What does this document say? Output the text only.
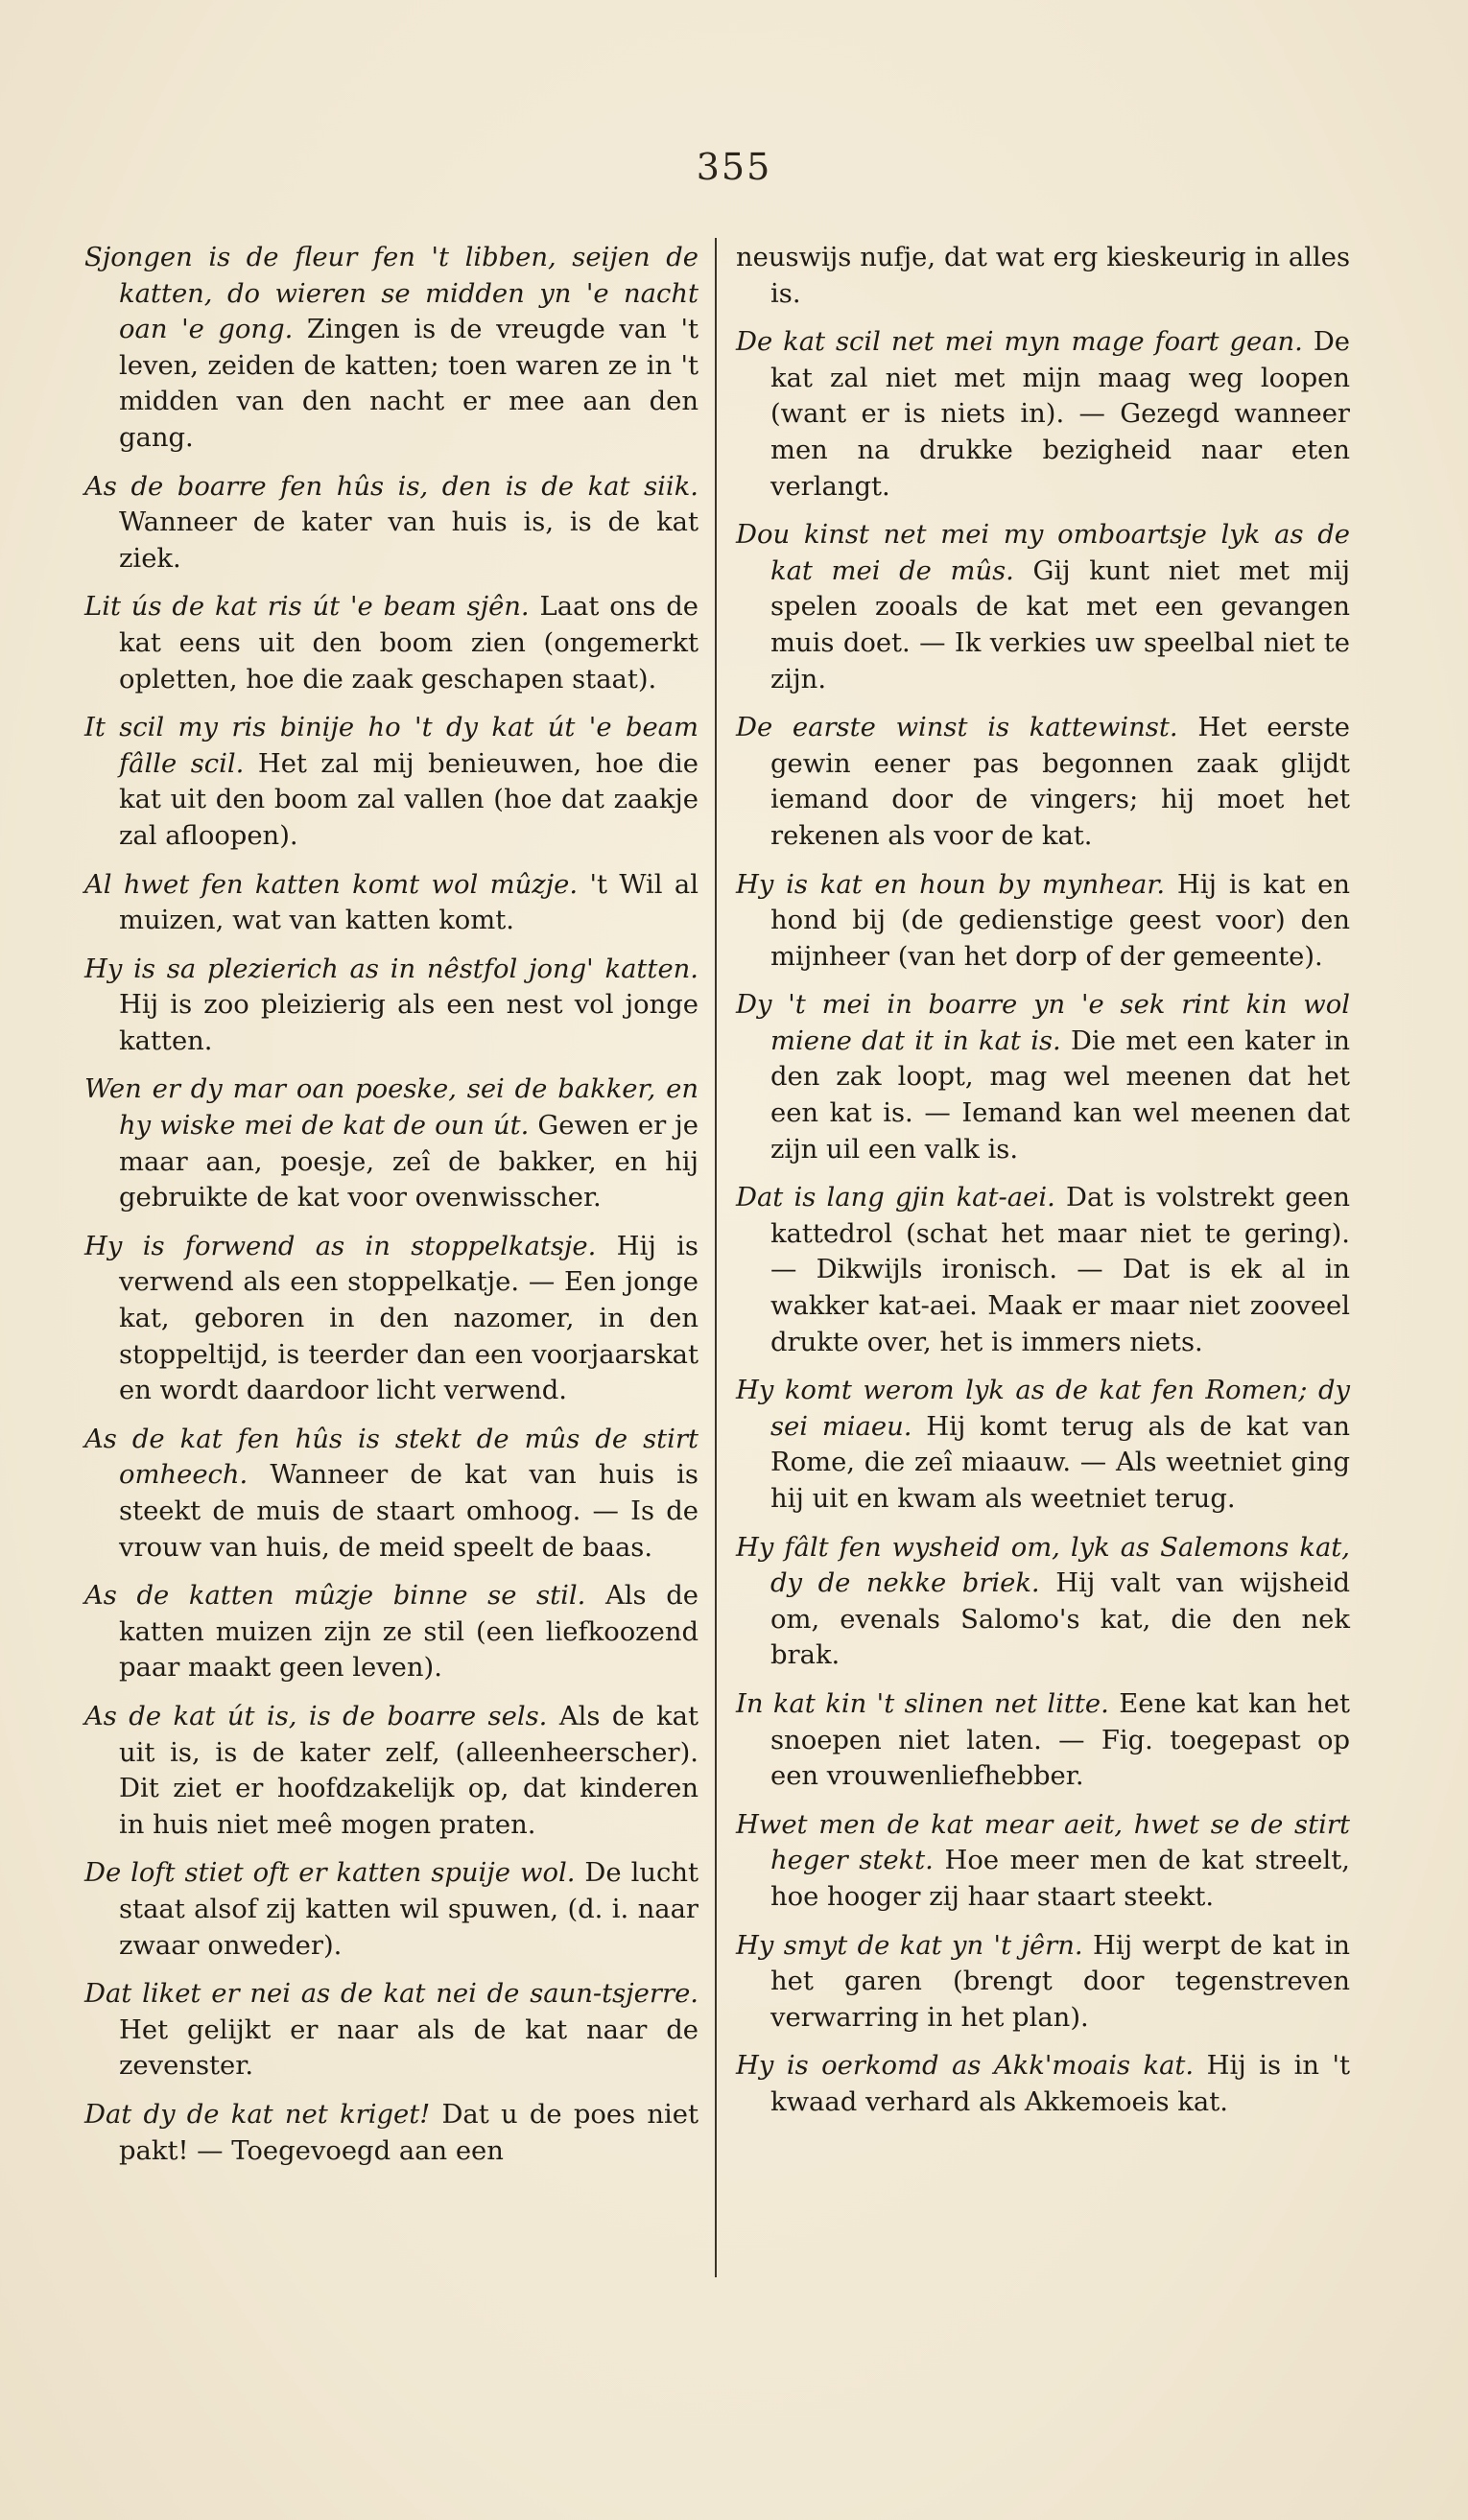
355

Sjongen is de fleur fen 't libben, seijen de katten, do wieren se midden yn 'e nacht oan 'e gong. Zingen is de vreugde van 't leven, zeiden de katten; toen waren ze in 't midden van den nacht er mee aan den gang.

As de boarre fen hûs is, den is de kat siik. Wanneer de kater van huis is, is de kat ziek.

Lit ús de kat ris út 'e beam sjên. Laat ons de kat eens uit den boom zien (ongemerkt opletten, hoe die zaak geschapen staat).

It scil my ris binije ho 't dy kat út 'e beam fâlle scil. Het zal mij benieuwen, hoe die kat uit den boom zal vallen (hoe dat zaakje zal afloopen).

Al hwet fen katten komt wol mûzje. 't Wil al muizen, wat van katten komt.

Hy is sa plezierich as in nêstfol jong' katten. Hij is zoo pleizierig als een nest vol jonge katten.

Wen er dy mar oan poeske, sei de bakker, en hy wiske mei de kat de oun út. Gewen er je maar aan, poesje, zeî de bakker, en hij gebruikte de kat voor ovenwisscher.

Hy is forwend as in stoppelkatsje. Hij is verwend als een stoppelkatje. — Een jonge kat, geboren in den nazomer, in den stoppeltijd, is teerder dan een voorjaarskat en wordt daardoor licht verwend.

As de kat fen hûs is stekt de mûs de stirt omheech. Wanneer de kat van huis is steekt de muis de staart omhoog. — Is de vrouw van huis, de meid speelt de baas.

As de katten mûzje binne se stil. Als de katten muizen zijn ze stil (een liefkoozend paar maakt geen leven).

As de kat út is, is de boarre sels. Als de kat uit is, is de kater zelf, (alleenheerscher). Dit ziet er hoofdzakelijk op, dat kinderen in huis niet meê mogen praten.

De loft stiet oft er katten spuije wol. De lucht staat alsof zij katten wil spuwen, (d. i. naar zwaar onweder).

Dat liket er nei as de kat nei de saun-tsjerre. Het gelijkt er naar als de kat naar de zevenster.

Dat dy de kat net kriget! Dat u de poes niet pakt! — Toegevoegd aan een

neuswijs nufje, dat wat erg kieskeurig in alles is.

De kat scil net mei myn mage foart gean. De kat zal niet met mijn maag weg loopen (want er is niets in). — Gezegd wanneer men na drukke bezigheid naar eten verlangt.

Dou kinst net mei my omboartsje lyk as de kat mei de mûs. Gij kunt niet met mij spelen zooals de kat met een gevangen muis doet. — Ik verkies uw speelbal niet te zijn.

De earste winst is kattewinst. Het eerste gewin eener pas begonnen zaak glijdt iemand door de vingers; hij moet het rekenen als voor de kat.

Hy is kat en houn by mynhear. Hij is kat en hond bij (de gedienstige geest voor) den mijnheer (van het dorp of der gemeente).

Dy 't mei in boarre yn 'e sek rint kin wol miene dat it in kat is. Die met een kater in den zak loopt, mag wel meenen dat het een kat is. — Iemand kan wel meenen dat zijn uil een valk is.

Dat is lang gjin kat-aei. Dat is volstrekt geen kattedrol (schat het maar niet te gering). — Dikwijls ironisch. — Dat is ek al in wakker kat-aei. Maak er maar niet zooveel drukte over, het is immers niets.

Hy komt werom lyk as de kat fen Romen; dy sei miaeu. Hij komt terug als de kat van Rome, die zeî miaauw. — Als weetniet ging hij uit en kwam als weetniet terug.

Hy fâlt fen wysheid om, lyk as Salemons kat, dy de nekke briek. Hij valt van wijsheid om, evenals Salomo's kat, die den nek brak.

In kat kin 't slinen net litte. Eene kat kan het snoepen niet laten. — Fig. toegepast op een vrouwenliefhebber.

Hwet men de kat mear aeit, hwet se de stirt heger stekt. Hoe meer men de kat streelt, hoe hooger zij haar staart steekt.

Hy smyt de kat yn 't jêrn. Hij werpt de kat in het garen (brengt door tegenstreven verwarring in het plan).

Hy is oerkomd as Akk'moais kat. Hij is in 't kwaad verhard als Akkemoeis kat.
